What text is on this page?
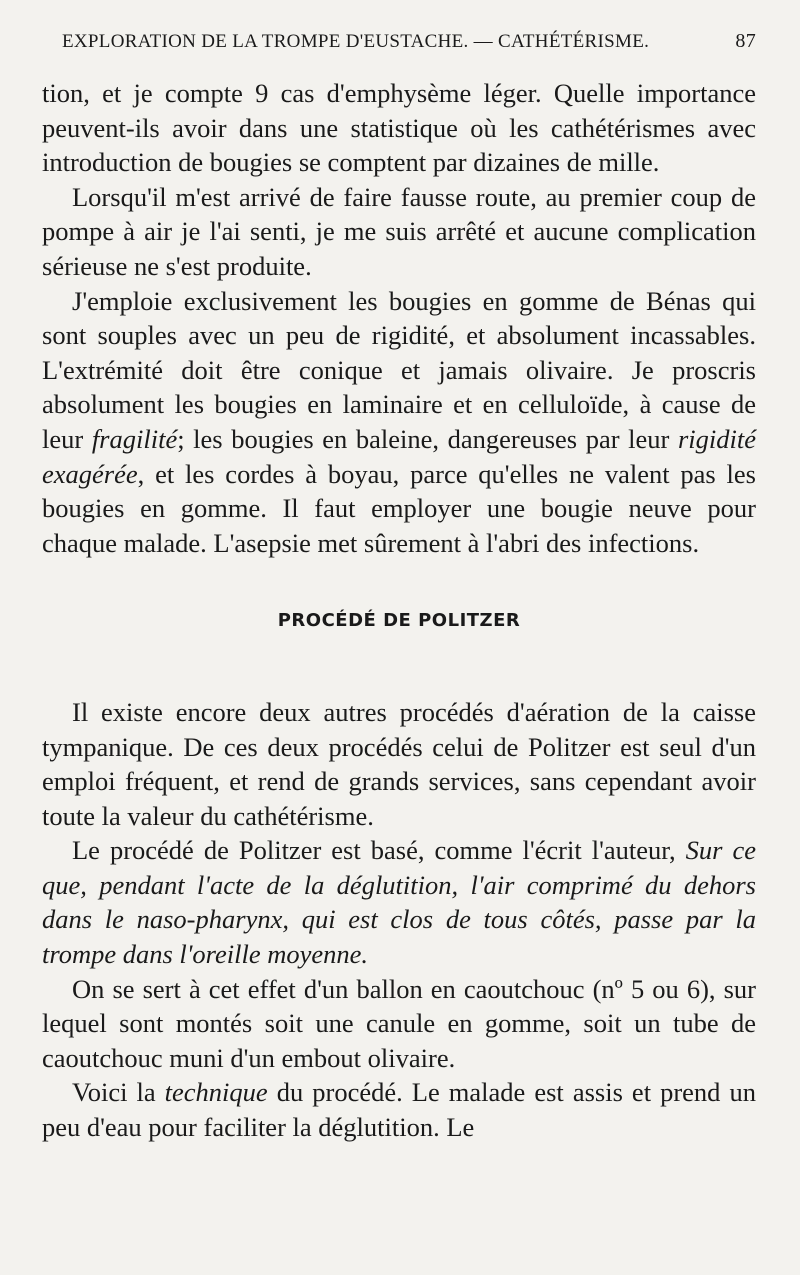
EXPLORATION DE LA TROMPE D'EUSTACHE. — CATHÉTÉRISME.	87

tion, et je compte 9 cas d'emphysème léger. Quelle importance peuvent-ils avoir dans une statistique où les cathétérismes avec introduction de bougies se comptent par dizaines de mille.

Lorsqu'il m'est arrivé de faire fausse route, au premier coup de pompe à air je l'ai senti, je me suis arrêté et aucune complication sérieuse ne s'est produite.

J'emploie exclusivement les bougies en gomme de Bénas qui sont souples avec un peu de rigidité, et absolument incassables. L'extrémité doit être conique et jamais olivaire. Je proscris absolument les bougies en laminaire et en celluloïde, à cause de leur fragilité; les bougies en baleine, dangereuses par leur rigidité exagérée, et les cordes à boyau, parce qu'elles ne valent pas les bougies en gomme. Il faut employer une bougie neuve pour chaque malade. L'asepsie met sûrement à l'abri des infections.

PROCÉDÉ DE POLITZER

Il existe encore deux autres procédés d'aération de la caisse tympanique. De ces deux procédés celui de Politzer est seul d'un emploi fréquent, et rend de grands services, sans cependant avoir toute la valeur du cathétérisme.

Le procédé de Politzer est basé, comme l'écrit l'auteur, Sur ce que, pendant l'acte de la déglutition, l'air comprimé du dehors dans le naso-pharynx, qui est clos de tous côtés, passe par la trompe dans l'oreille moyenne.

On se sert à cet effet d'un ballon en caoutchouc (nº 5 ou 6), sur lequel sont montés soit une canule en gomme, soit un tube de caoutchouc muni d'un embout olivaire.

Voici la technique du procédé. Le malade est assis et prend un peu d'eau pour faciliter la déglutition. Le
